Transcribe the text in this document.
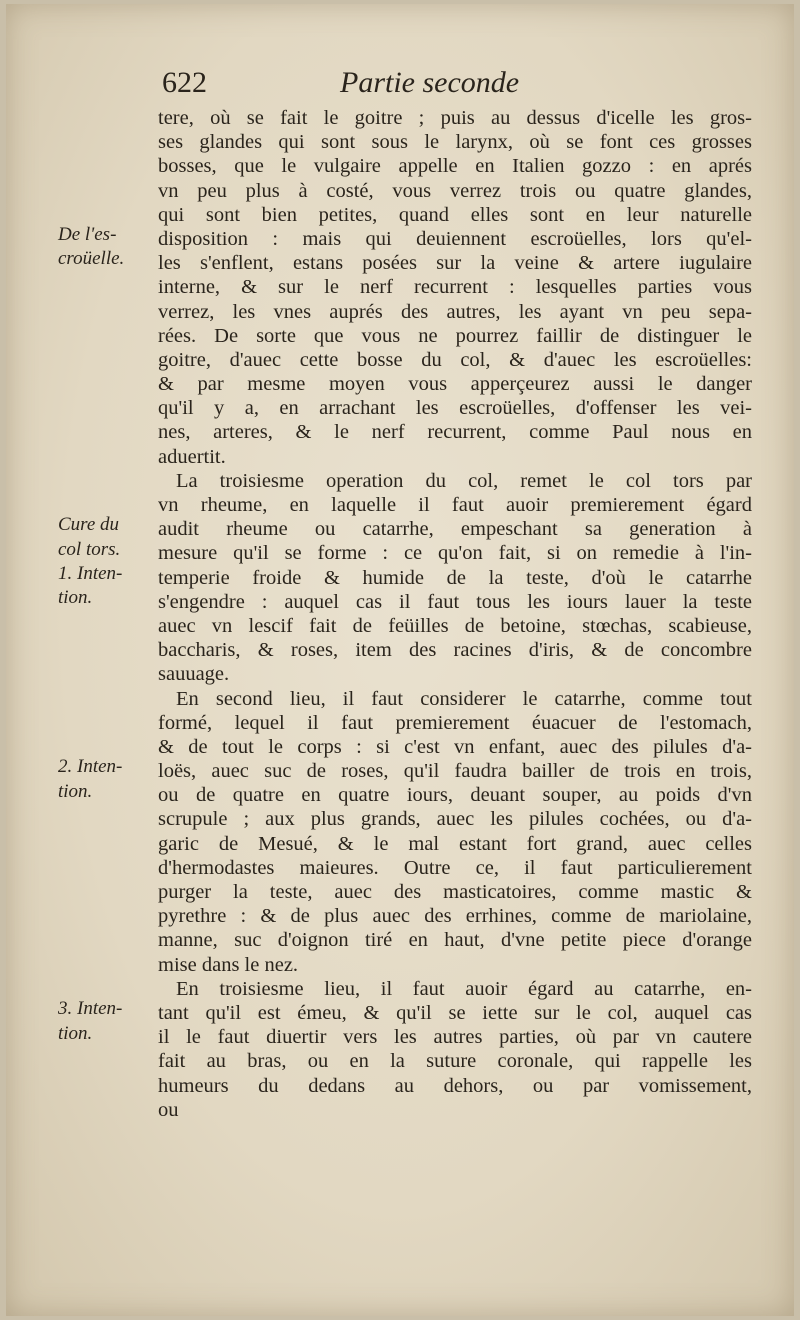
622	Partie seconde
tere, où se fait le goitre ; puis au dessus d'icelle les gros-
ses glandes qui sont sous le larynx, où se font ces grosses
bosses, que le vulgaire appelle en Italien gozzo : en aprés
vn peu plus à costé, vous verrez trois ou quatre glandes,
qui sont bien petites, quand elles sont en leur naturelle
disposition : mais qui deuiennent escroüelles, lors qu'el-
les s'enflent, estans posées sur la veine & artere iugulaire
interne, & sur le nerf recurrent : lesquelles parties vous
verrez, les vnes auprés des autres, les ayant vn peu sepa-
rées. De sorte que vous ne pourrez faillir de distinguer le
goitre, d'auec cette bosse du col, & d'auec les escroüelles:
& par mesme moyen vous apperçeurez aussi le danger
qu'il y a, en arrachant les escroüelles, d'offenser les vei-
nes, arteres, & le nerf recurrent, comme Paul nous en
aduertit.
La troisiesme operation du col, remet le col tors par
vn rheume, en laquelle il faut auoir premierement égard
audit rheume ou catarrhe, empeschant sa generation à
mesure qu'il se forme : ce qu'on fait, si on remedie à l'in-
temperie froide & humide de la teste, d'où le catarrhe
s'engendre : auquel cas il faut tous les iours lauer la teste
auec vn lescif fait de feüilles de betoine, stœchas, scabieuse,
baccharis, & roses, item des racines d'iris, & de concombre
sauuage.
En second lieu, il faut considerer le catarrhe, comme tout
formé, lequel il faut premierement éuacuer de l'estomach,
& de tout le corps : si c'est vn enfant, auec des pilules d'a-
loës, auec suc de roses, qu'il faudra bailler de trois en trois,
ou de quatre en quatre iours, deuant souper, au poids d'vn
scrupule ; aux plus grands, auec les pilules cochées, ou d'a-
garic de Mesué, & le mal estant fort grand, auec celles
d'hermodastes maieures. Outre ce, il faut particulierement
purger la teste, auec des masticatoires, comme mastic &
pyrethre : & de plus auec des errhines, comme de mariolaine,
manne, suc d'oignon tiré en haut, d'vne petite piece d'orange
mise dans le nez.
En troisiesme lieu, il faut auoir égard au catarrhe, en-
tant qu'il est émeu, & qu'il se iette sur le col, auquel cas
il le faut diuertir vers les autres parties, où par vn cautere
fait au bras, ou en la suture coronale, qui rappelle les
humeurs du dedans au dehors, ou par vomissement,
ou
De l'es-
croüelle.
Cure du
col tors.
1. Inten-
tion.
2. Inten-
tion.
3. Inten-
tion.
